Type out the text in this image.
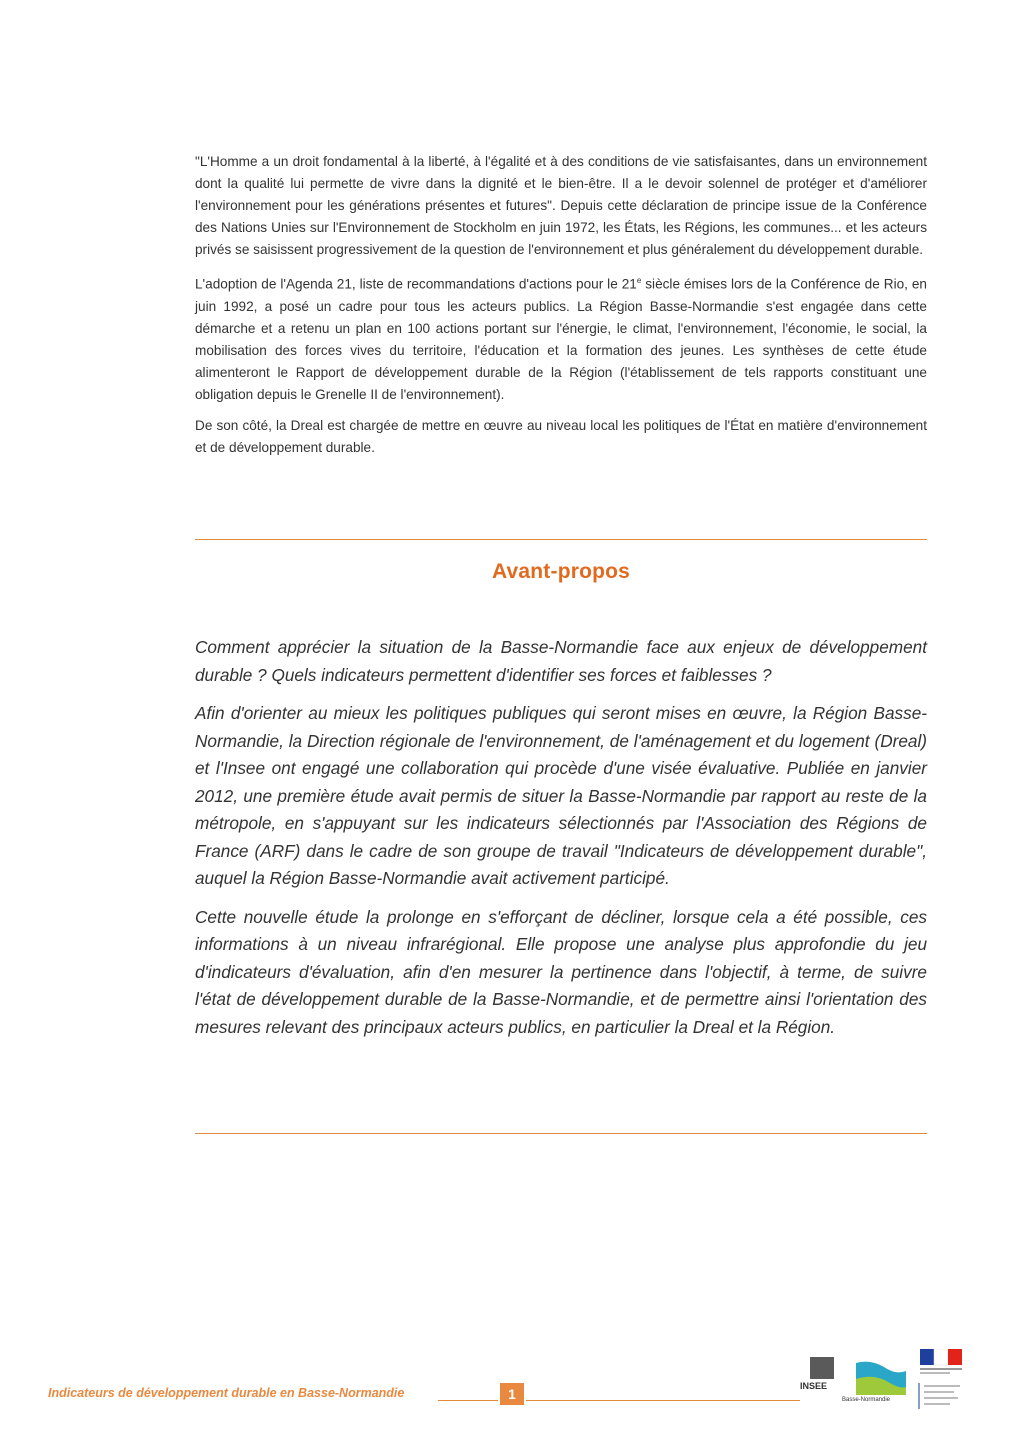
"L'Homme a un droit fondamental à la liberté, à l'égalité et à des conditions de vie satisfaisantes, dans un environnement dont la qualité lui permette de vivre dans la dignité et le bien-être. Il a le devoir solennel de protéger et d'améliorer l'environnement pour les générations présentes et futures". Depuis cette déclaration de principe issue de la Conférence des Nations Unies sur l'Environnement de Stockholm en juin 1972, les États, les Régions, les communes... et les acteurs privés se saisissent progressivement de la question de l'environnement et plus généralement du développement durable.

L'adoption de l'Agenda 21, liste de recommandations d'actions pour le 21e siècle émises lors de la Conférence de Rio, en juin 1992, a posé un cadre pour tous les acteurs publics. La Région Basse-Normandie s'est engagée dans cette démarche et a retenu un plan en 100 actions portant sur l'énergie, le climat, l'environnement, l'économie, le social, la mobilisation des forces vives du territoire, l'éducation et la formation des jeunes. Les synthèses de cette étude alimenteront le Rapport de développement durable de la Région (l'établissement de tels rapports constituant une obligation depuis le Grenelle II de l'environnement).

De son côté, la Dreal est chargée de mettre en œuvre au niveau local les politiques de l'État en matière d'environnement et de développement durable.

Avant-propos

Comment apprécier la situation de la Basse-Normandie face aux enjeux de développement durable ? Quels indicateurs permettent d'identifier ses forces et faiblesses ?

Afin d'orienter au mieux les politiques publiques qui seront mises en œuvre, la Région Basse-Normandie, la Direction régionale de l'environnement, de l'aménagement et du logement (Dreal) et l'Insee ont engagé une collaboration qui procède d'une visée évaluative. Publiée en janvier 2012, une première étude avait permis de situer la Basse-Normandie par rapport au reste de la métropole, en s'appuyant sur les indicateurs sélectionnés par l'Association des Régions de France (ARF) dans le cadre de son groupe de travail "Indicateurs de développement durable", auquel la Région Basse-Normandie avait activement participé.

Cette nouvelle étude la prolonge en s'efforçant de décliner, lorsque cela a été possible, ces informations à un niveau infrarégional. Elle propose une analyse plus approfondie du jeu d'indicateurs d'évaluation, afin d'en mesurer la pertinence dans l'objectif, à terme, de suivre l'état de développement durable de la Basse-Normandie, et de permettre ainsi l'orientation des mesures relevant des principaux acteurs publics, en particulier la Dreal et la Région.

Indicateurs de développement durable en Basse-Normandie	1	INSEE
Basse-Normandie
